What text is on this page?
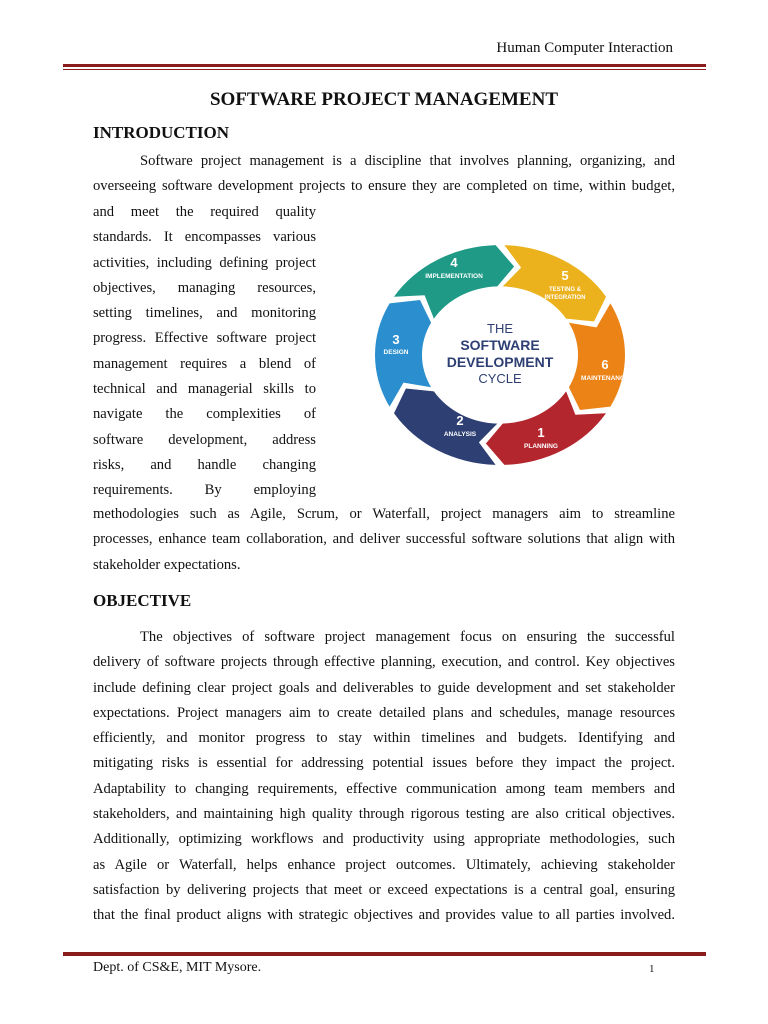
Human Computer Interaction
SOFTWARE PROJECT MANAGEMENT
INTRODUCTION

Software project management is a discipline that involves planning, organizing, and
overseeing software development projects to ensure they are completed on time, within budget,

and meet the required quality
standards. It encompasses various
activities, including defining project
objectives, managing resources,
setting timelines, and monitoring
progress. Effective software project
management requires a blend of
technical and managerial skills to
navigate the complexities of
software development, address
risks, and handle changing
requirements. By employing

THE
SOFTWARE
DEVELOPMENT
CYCLE
1
PLANNING
2
ANALYSIS
3
DESIGN
4
IMPLEMENTATION	5
TESTING &
INTEGRATION
6
MAINTENANCE

methodologies such as Agile, Scrum, or Waterfall, project managers aim to streamline
processes, enhance team collaboration, and deliver successful software solutions that align with
stakeholder expectations.

OBJECTIVE

The objectives of software project management focus on ensuring the successful
delivery of software projects through effective planning, execution, and control. Key objectives
include defining clear project goals and deliverables to guide development and set stakeholder
expectations. Project managers aim to create detailed plans and schedules, manage resources
efficiently, and monitor progress to stay within timelines and budgets. Identifying and
mitigating risks is essential for addressing potential issues before they impact the project.
Adaptability to changing requirements, effective communication among team members and
stakeholders, and maintaining high quality through rigorous testing are also critical objectives.
Additionally, optimizing workflows and productivity using appropriate methodologies, such
as Agile or Waterfall, helps enhance project outcomes. Ultimately, achieving stakeholder
satisfaction by delivering projects that meet or exceed expectations is a central goal, ensuring
that the final product aligns with strategic objectives and provides value to all parties involved.

Dept. of CS&E, MIT Mysore.	1
